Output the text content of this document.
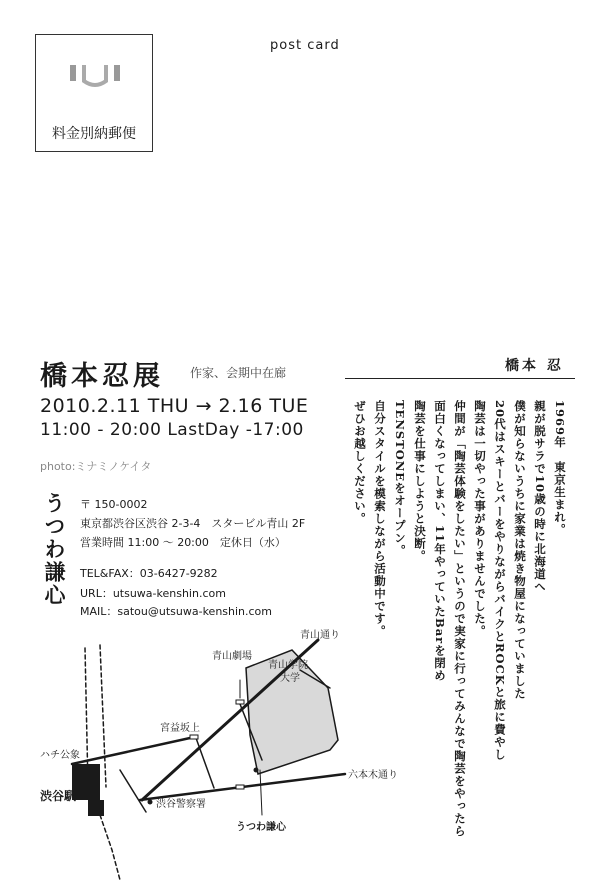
料金別納郵便
post card
橋本忍展 作家、会期中在廊
2010.2.11 THU → 2.16 TUE
11:00 - 20:00 LastDay -17:00
photo:ミナミノケイタ
うつわ謙心 〒 150-0002
東京都渋谷区渋谷 2-3-4　スタービル青山 2F
営業時間 11:00 〜 20:00　定休日（水）
TEL&FAX：03-6427-9282
URL：utsuwa-kenshin.com
MAIL：satou@utsuwa-kenshin.com
橋本 忍

1969年　東京生まれ。

親が脱サラで10歳の時に北海道へ

僕が知らないうちに家業は焼き物屋になっていました

20代はスキーとバーをやりながらバイクとROCKと旅に費やし

陶芸は一切やった事がありませんでした。

仲間が「陶芸体験をしたい」というので実家に行ってみんなで陶芸をやったら

面白くなってしまい、11年やっていたBarを閉め

陶芸を仕事にしようと決断。

TENSTONEをオープン。

自分スタイルを模索しながら活動中です。

ぜひお越しください。

青山通り
青山劇場
青山学院
大学
宮益坂上
ハチ公象
渋谷駅
渋谷警察署
六本木通り
うつわ謙心
